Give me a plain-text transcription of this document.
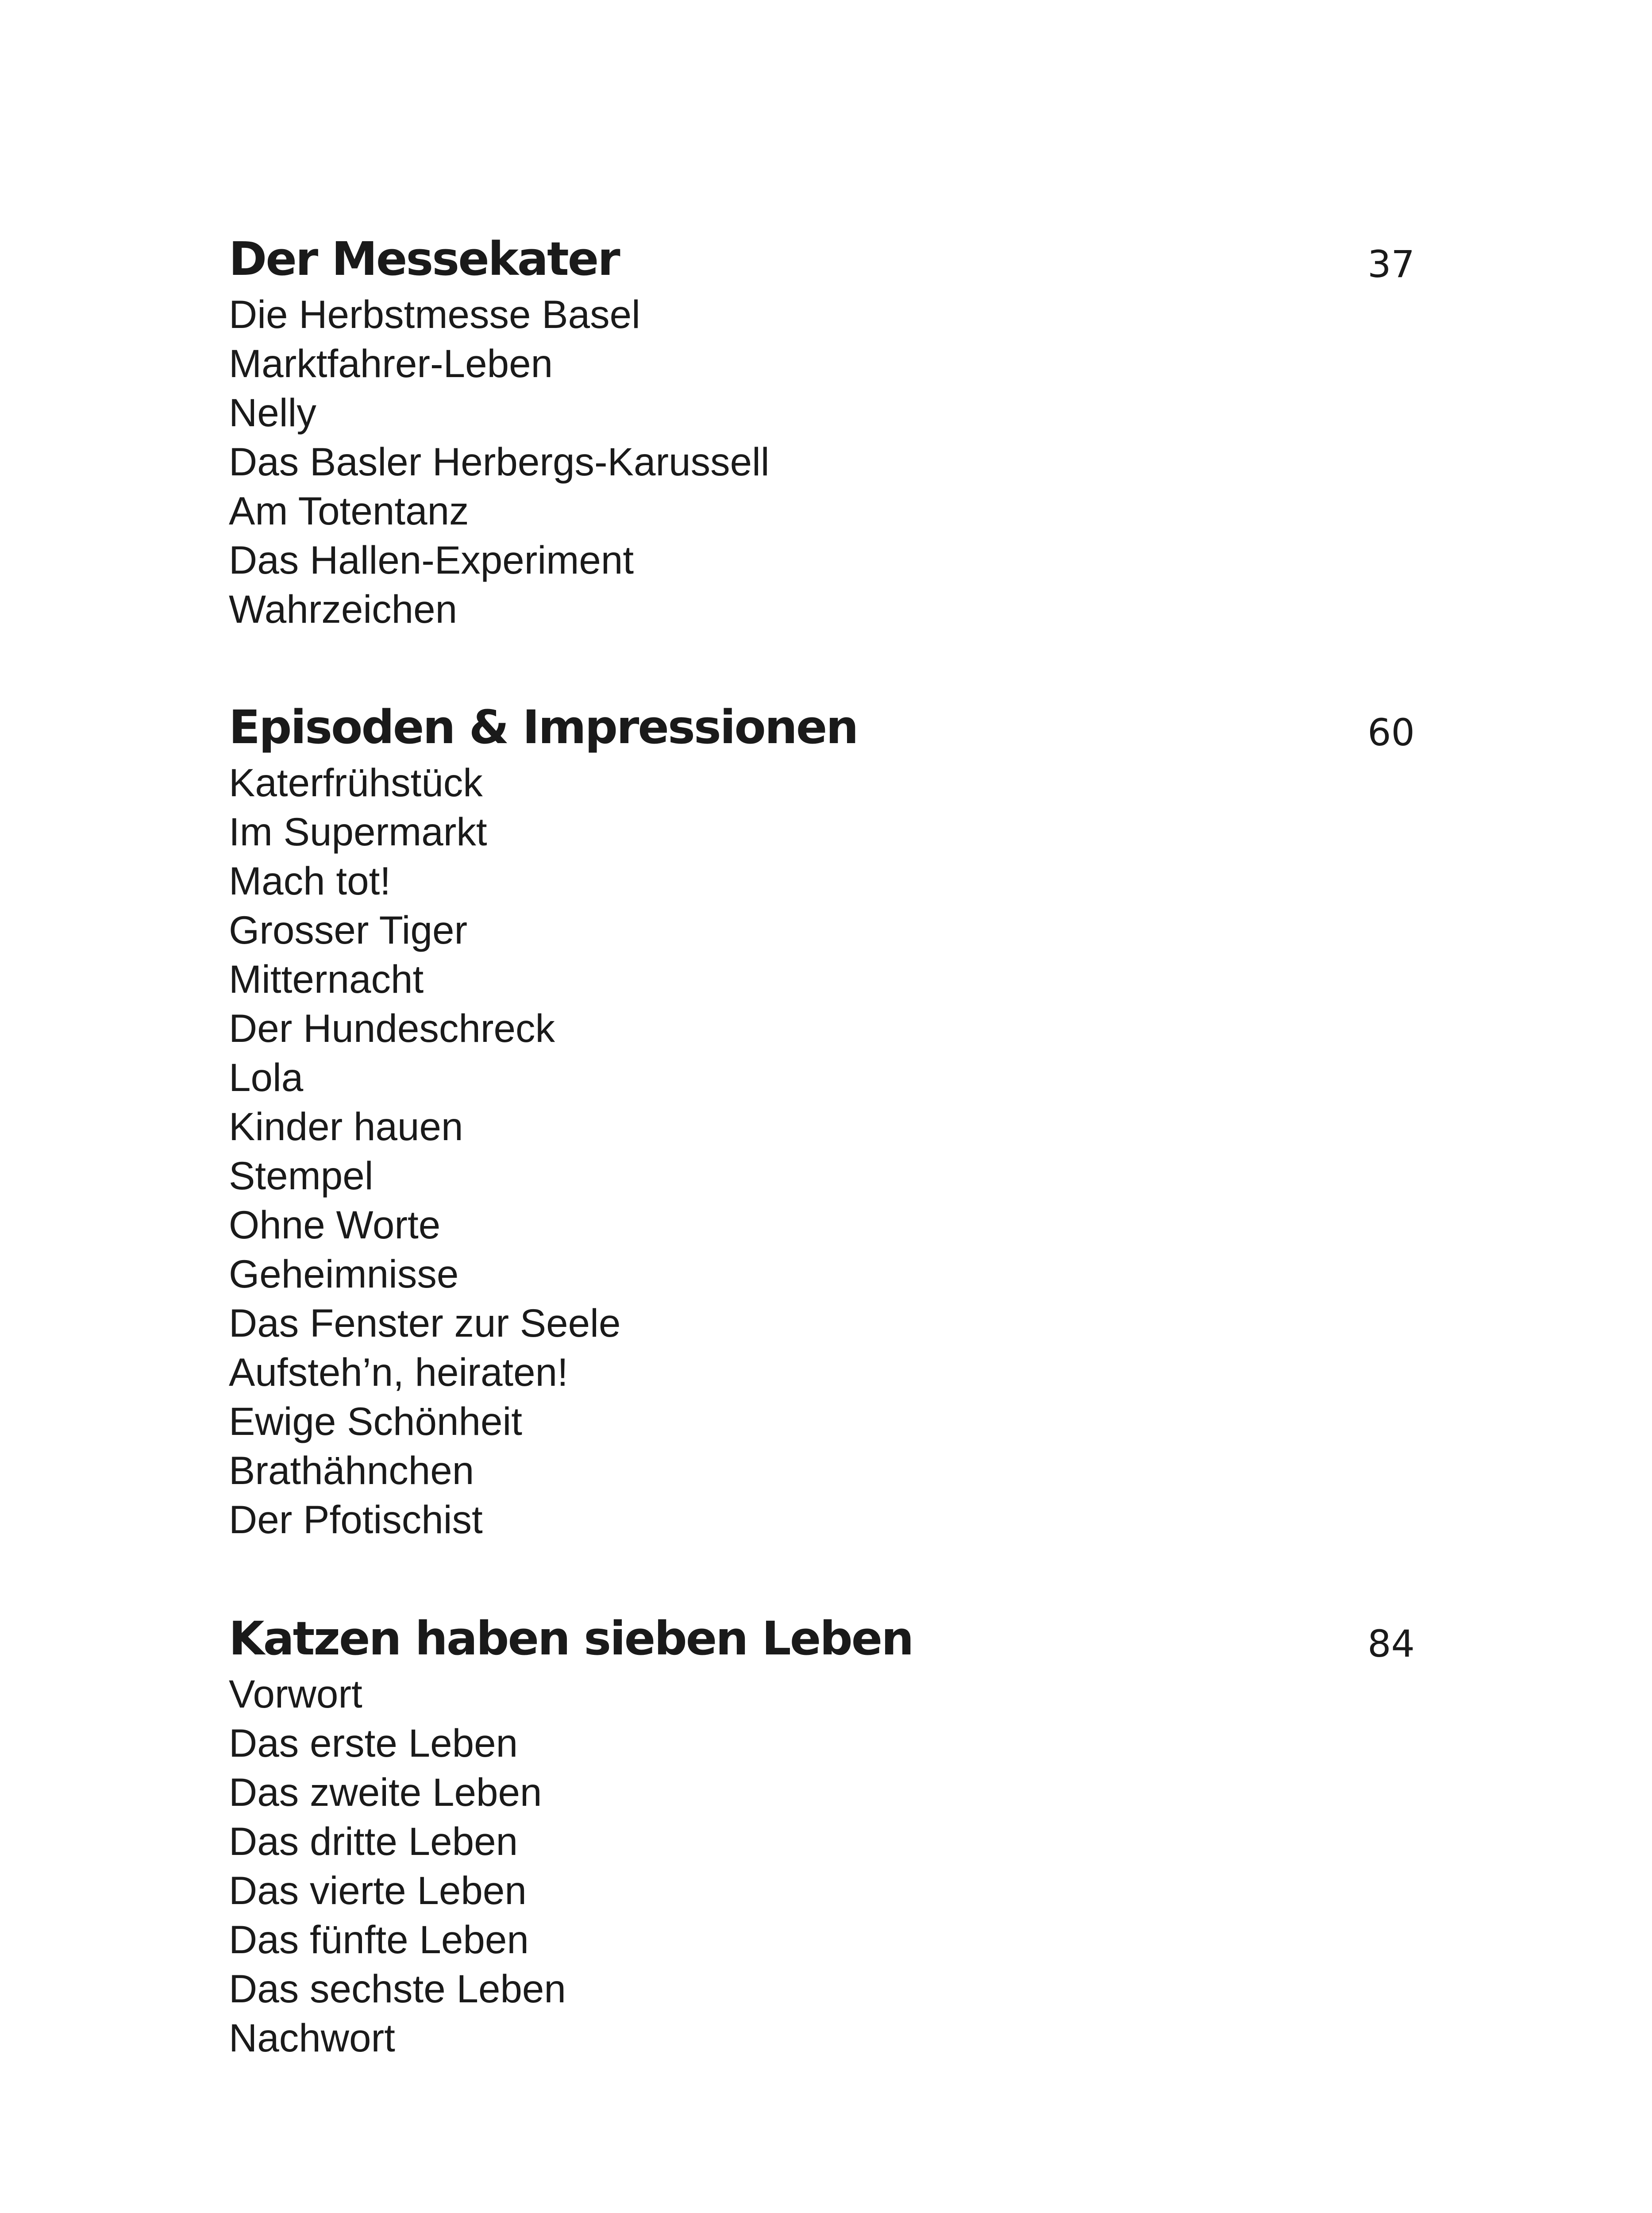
Der Messekater	37
Die Herbstmesse Basel
Marktfahrer-Leben
Nelly
Das Basler Herbergs-Karussell
Am Totentanz
Das Hallen-Experiment
Wahrzeichen
Episoden & Impressionen	60
Katerfrühstück
Im Supermarkt
Mach tot!
Grosser Tiger
Mitternacht
Der Hundeschreck
Lola
Kinder hauen
Stempel
Ohne Worte
Geheimnisse
Das Fenster zur Seele
Aufsteh’n, heiraten!
Ewige Schönheit
Brathähnchen
Der Pfotischist
Katzen haben sieben Leben	84
Vorwort
Das erste Leben
Das zweite Leben
Das dritte Leben
Das vierte Leben
Das fünfte Leben
Das sechste Leben
Nachwort
